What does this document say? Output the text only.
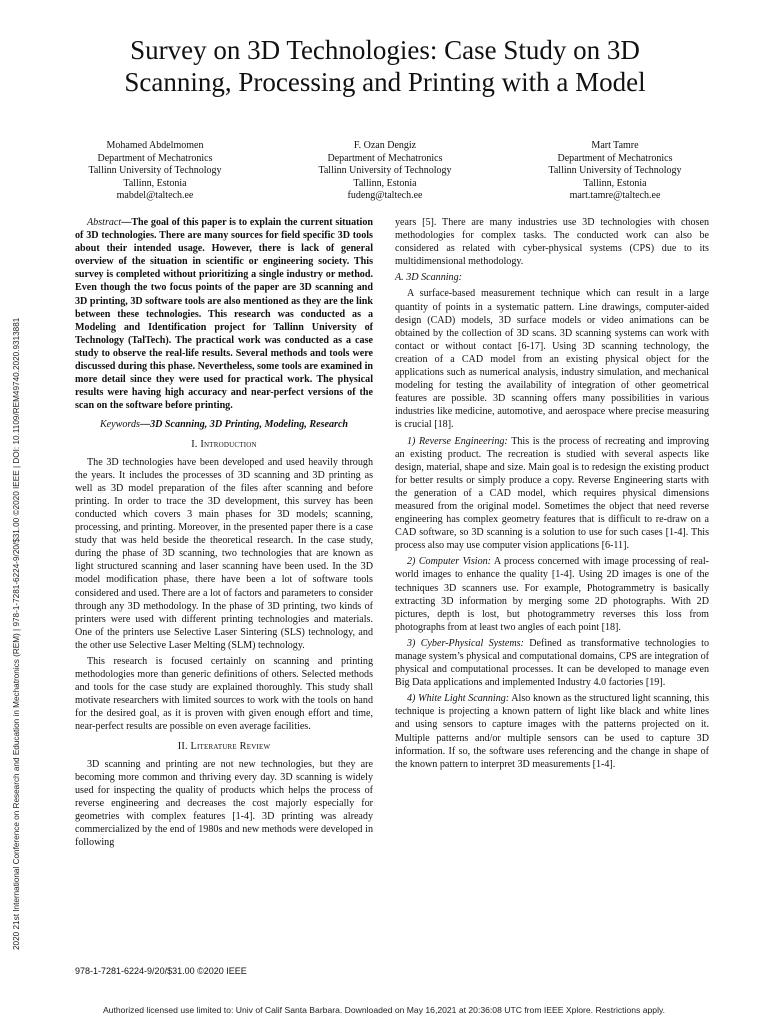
2020 21st International Conference on Research and Education in Mechatronics (REM) | 978-1-7281-6224-9/20/$31.00 ©2020 IEEE | DOI: 10.1109/REM49740.2020.9313881
Survey on 3D Technologies: Case Study on 3D
Scanning, Processing and Printing with a Model
Mohamed Abdelmomen
Department of Mechatronics
Tallinn University of Technology
Tallinn, Estonia
mabdel@taltech.ee
F. Ozan Dengiz
Department of Mechatronics
Tallinn University of Technology
Tallinn, Estonia
fudeng@taltech.ee
Mart Tamre
Department of Mechatronics
Tallinn University of Technology
Tallinn, Estonia
mart.tamre@taltech.ee

Abstract—The goal of this paper is to explain the current situation of 3D technologies. There are many sources for field specific 3D tools about their intended usage. However, there is lack of general overview of the situation in scientific or engineering society. This survey is completed without prioritizing a single industry or method. Even though the two focus points of the paper are 3D scanning and 3D printing, 3D software tools are also mentioned as they are the link between these technologies. This research was conducted as a Modeling and Identification project for Tallinn University of Technology (TalTech). The practical work was conducted as a case study to observe the real-life results. Several methods and tools were discussed during this phase. Nevertheless, some tools are examined in more detail since they were used for practical work. The physical results were having high accuracy and near-perfect versions of the scan on the software before printing.

Keywords—3D Scanning, 3D Printing, Modeling, Research

I. Introduction

The 3D technologies have been developed and used heavily through the years. It includes the processes of 3D scanning and 3D printing as well as 3D model preparation of the files after scanning and before printing. In order to trace the 3D development, this survey has been conducted which covers 3 main phases for 3D models; scanning, processing, and printing. Moreover, in the presented paper there is a case study that was held beside the theoretical research. In the case study, during the phase of 3D scanning, two technologies that are known as light structured scanning and laser scanning have been used. In the 3D model modification phase, there have been a lot of software tools considered and used. There are a lot of factors and parameters to consider through any 3D methodology. In the phase of 3D printing, two kinds of printers were used with different printing technologies and materials. One of the printers use Selective Laser Sintering (SLS) technology, and the other use Selective Laser Melting (SLM) technology.

This research is focused certainly on scanning and printing methodologies more than generic definitions of others. Selected methods and tools for the case study are explained thoroughly. This study shall motivate researchers with limited sources to work with the tools on hand for the desired goal, as it is proven with given enough effort and time, near-perfect results are possible on even average facilities.

II. Literature Review

3D scanning and printing are not new technologies, but they are becoming more common and thriving every day. 3D scanning is widely used for inspecting the quality of products which helps the process of reverse engineering and decreases the cost majorly especially for geometries with complex features [1-4]. 3D printing was already commercialized by the end of 1980s and new methods were developed in following

years [5]. There are many industries use 3D technologies with chosen methodologies for complex tasks. The conducted work can also be considered as related with cyber-physical systems (CPS) due to its multidimensional methodology.

A. 3D Scanning:

A surface-based measurement technique which can result in a large quantity of points in a systematic pattern. Line drawings, computer-aided design (CAD) models, 3D surface models or video animations can be obtained by the collection of 3D scans. 3D scanning systems can work with contact or without contact [6-17]. Using 3D scanning technology, the creation of a CAD model from an existing physical object for the applications such as numerical analysis, industry simulation, and mechanical modeling for testing the availability of integration of other geometrical features are possible. 3D scanning offers many possibilities in various industries like medicine, automotive, and aerospace where precise measuring is crucial [18].

1) Reverse Engineering: This is the process of recreating and improving an existing product. The recreation is studied with several aspects like design, material, shape and size. Main goal is to redesign the existing product for better results or simply produce a copy. Reverse Engineering starts with the generation of a CAD model, which requires physical dimensions measured from the original model. Sometimes the object that need reverse engineering has complex geometry features that is difficult to re-draw on a CAD software, so 3D scanning is a solution to use for such cases [1-4]. This process also may use computer vision applications [6-11].

2) Computer Vision: A process concerned with image processing of real-world images to enhance the quality [1-4]. Using 2D images is one of the techniques 3D scanners use. For example, Photogrammetry is basically extracting 3D information by merging some 2D photographs. With 2D pictures, depth is lost, but photogrammetry reverses this loss from photographs from at least two angles of each point [18].

3) Cyber-Physical Systems: Defined as transformative technologies to manage system’s physical and computational domains, CPS are integration of physical and computational processes. It can be developed to manage even Big Data applications and implemented Industry 4.0 factories [19].

4) White Light Scanning: Also known as the structured light scanning, this technique is projecting a known pattern of light like black and white lines and using sensors to capture images with the patterns projected on it. Multiple patterns and/or multiple sensors can be used to capture 3D information. If so, the software uses referencing and the change in shape of the known pattern to interpret 3D measurements [1-4].

978-1-7281-6224-9/20/$31.00 ©2020 IEEE
Authorized licensed use limited to: Univ of Calif Santa Barbara. Downloaded on May 16,2021 at 20:36:08 UTC from IEEE Xplore. Restrictions apply.
